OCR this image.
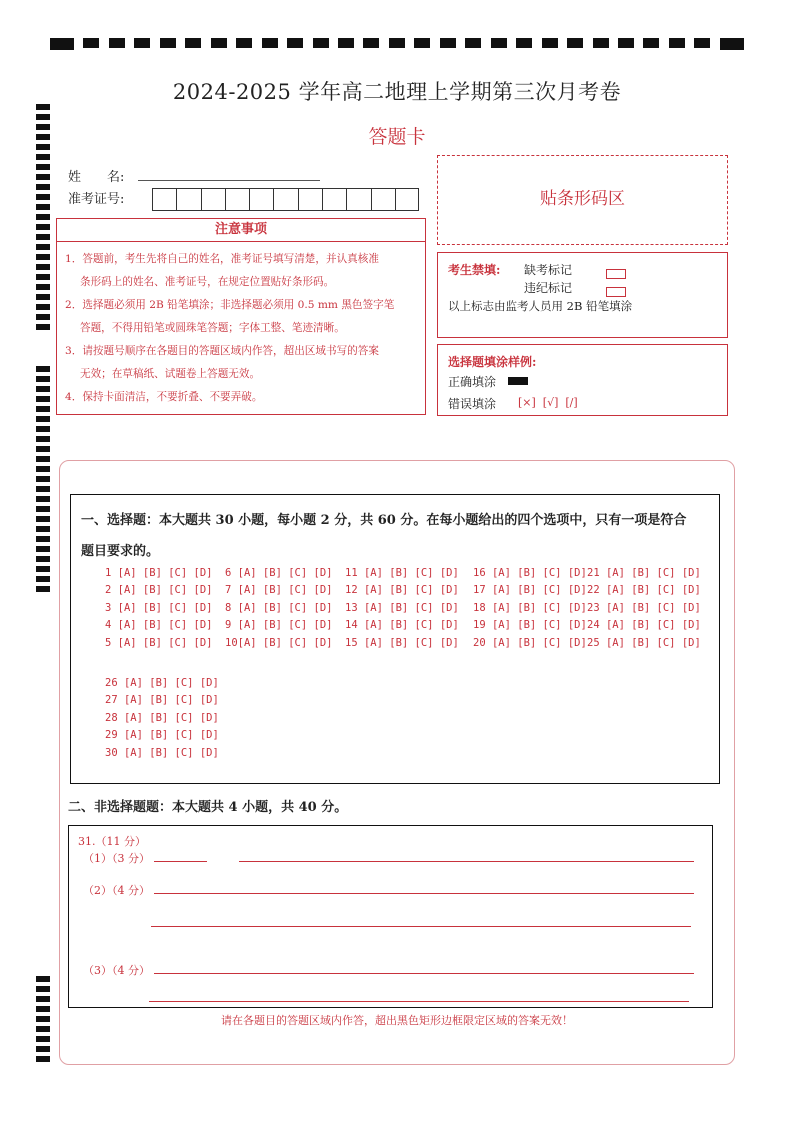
2024-2025 学年高二地理上学期第三次月考卷
答题卡
姓　　名:
准考证号:
注意事项
1．答题前，考生先将自己的姓名，准考证号填写清楚，并认真核准
条形码上的姓名、准考证号，在规定位置贴好条形码。
2．选择题必须用 2B 铅笔填涂；非选择题必须用 0.5 mm 黑色签字笔
答题，不得用铅笔或圆珠笔答题；字体工整、笔迹清晰。
3．请按题号顺序在各题目的答题区域内作答，超出区域书写的答案
无效；在草稿纸、试题卷上答题无效。
4．保持卡面清洁，不要折叠、不要弄破。
贴条形码区
考生禁填: 缺考标记
违纪标记
以上标志由监考人员用 2B 铅笔填涂
选择题填涂样例:
正确填涂
错误填涂 [×]  [√]  [/]
一、选择题：本大题共 30 小题，每小题 2 分，共 60 分。在每小题给出的四个选项中，只有一项是符合
题目要求的。
1 [A] [B] [C] [D]
2 [A] [B] [C] [D]
3 [A] [B] [C] [D]
4 [A] [B] [C] [D]
5 [A] [B] [C] [D]
6 [A] [B] [C] [D]
7 [A] [B] [C] [D]
8 [A] [B] [C] [D]
9 [A] [B] [C] [D]
10[A] [B] [C] [D]
11 [A] [B] [C] [D]
12 [A] [B] [C] [D]
13 [A] [B] [C] [D]
14 [A] [B] [C] [D]
15 [A] [B] [C] [D]
16 [A] [B] [C] [D]
17 [A] [B] [C] [D]
18 [A] [B] [C] [D]
19 [A] [B] [C] [D]
20 [A] [B] [C] [D]
21 [A] [B] [C] [D]
22 [A] [B] [C] [D]
23 [A] [B] [C] [D]
24 [A] [B] [C] [D]
25 [A] [B] [C] [D]
26 [A] [B] [C] [D]
27 [A] [B] [C] [D]
28 [A] [B] [C] [D]
29 [A] [B] [C] [D]
30 [A] [B] [C] [D]
二、非选择题题：本大题共 4 小题，共 40 分。
31.（11 分）
（1）（3 分）
（2）（4 分）
（3）（4 分）
请在各题目的答题区域内作答，超出黑色矩形边框限定区域的答案无效！
